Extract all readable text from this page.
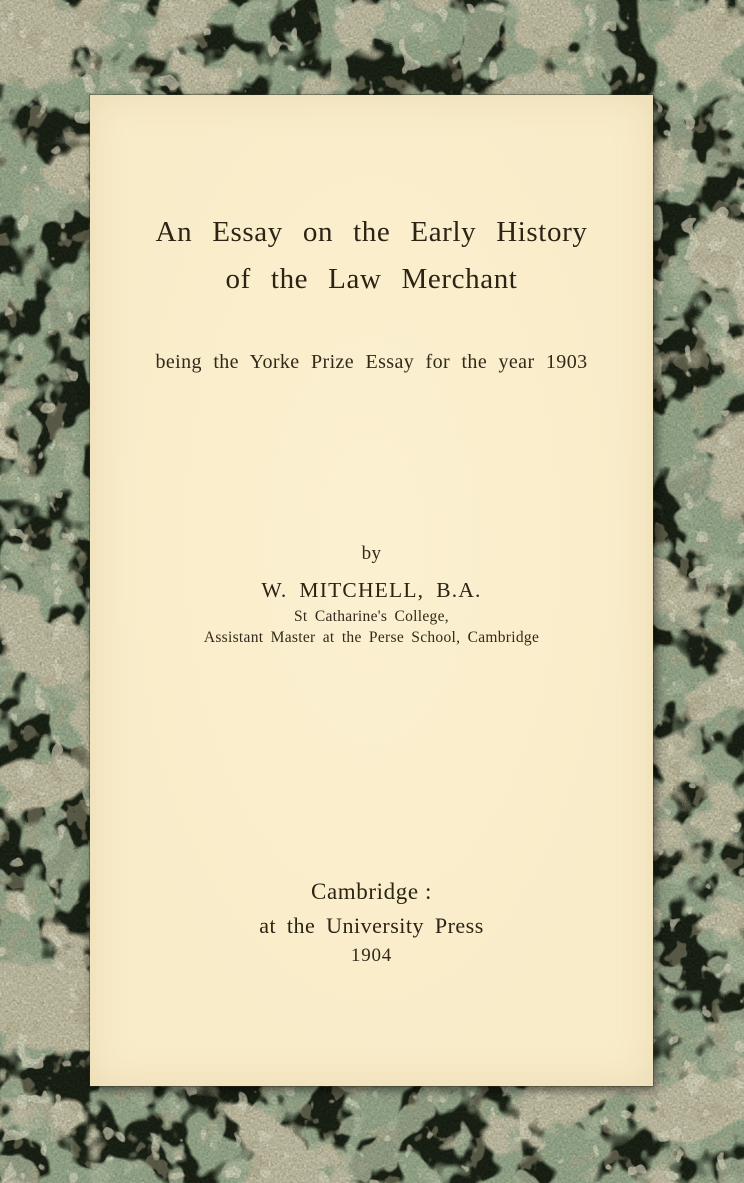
An Essay on the Early History
of the Law Merchant
being the Yorke Prize Essay for the year 1903
by
W. MITCHELL, B.A.
St Catharine's College,
Assistant Master at the Perse School, Cambridge
Cambridge :
at the University Press
1904
